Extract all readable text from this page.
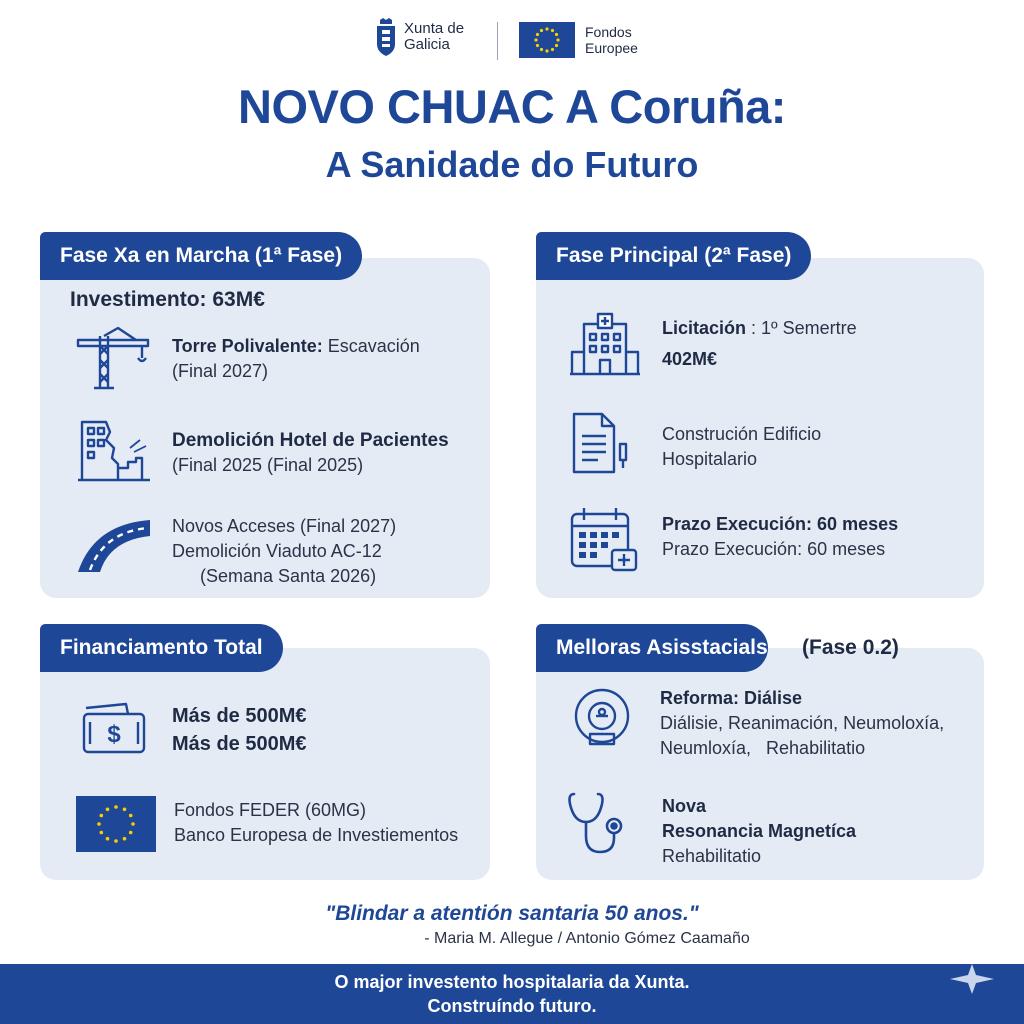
Xunta de Galicia
Fondos Europee
NOVO CHUAC A Coruña:
A Sanidade do Futuro
Fase Xa en Marcha (1ª Fase)
Investimento: 63M€
Torre Polivalente: Escavación
(Final 2027)
Demolición Hotel de Pacientes
(Final 2025 (Final 2025)
Novos Acceses (Final 2027)
Demolición Viaduto AC-12
(Semana Santa 2026)
Fase Principal (2ª Fase)
Licitación : 1º Semertre
402M€
Construción Edificio
Hospitalario
Prazo Execución: 60 meses
Prazo Execución: 60 meses
Financiamento Total
$
Más de 500M€
Más de 500M€
Fondos FEDER (60MG)
Banco Europesa de Investiementos
Melloras Asisstacials (Fase 0.2)
Reforma: Diálise
Diálisie, Reanimación, Neumoloxía,
Neumloxía,   Rehabilitatio
Nova
Resonancia Magnetíca
Rehabilitatio
"Blindar a atentión santaria 50 anos."
- Maria M. Allegue / Antonio Gómez Caamaño
O major investento hospitalaria da Xunta.
Construíndo futuro.
